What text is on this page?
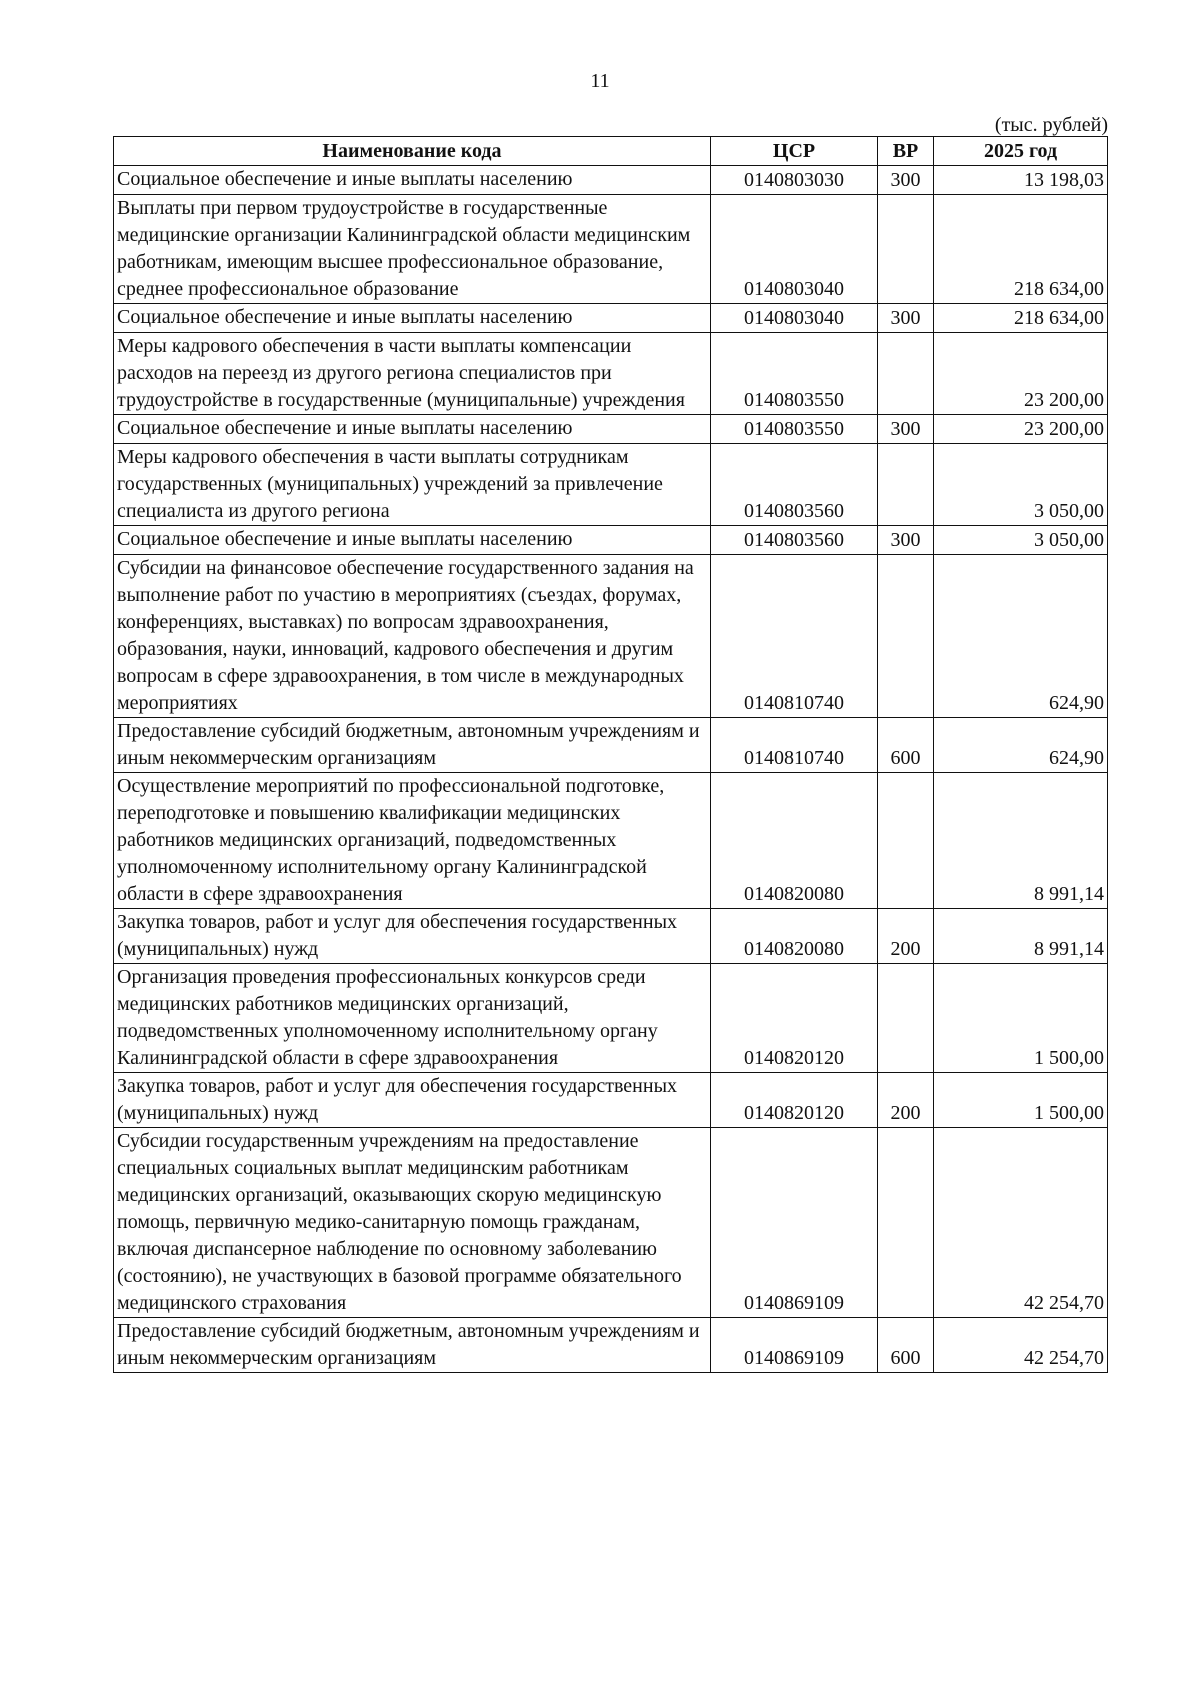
11
(тыс. рублей)
Наименование кода	ЦСР	ВР	2025 год
Социальное обеспечение и иные выплаты населению	0140803030	300	13 198,03
Выплаты при первом трудоустройстве в государственные медицинские организации Калининградской области медицинским работникам, имеющим высшее профессиональное образование, среднее профессиональное образование	0140803040		218 634,00
Социальное обеспечение и иные выплаты населению	0140803040	300	218 634,00
Меры кадрового обеспечения в части выплаты компенсации расходов на переезд из другого региона специалистов при трудоустройстве в государственные (муниципальные) учреждения	0140803550		23 200,00
Социальное обеспечение и иные выплаты населению	0140803550	300	23 200,00
Меры кадрового обеспечения в части выплаты сотрудникам государственных (муниципальных) учреждений за привлечение специалиста из другого региона	0140803560		3 050,00
Социальное обеспечение и иные выплаты населению	0140803560	300	3 050,00
Субсидии на финансовое обеспечение государственного задания на выполнение работ по участию в мероприятиях (съездах, форумах, конференциях, выставках) по вопросам здравоохранения, образования, науки, инноваций, кадрового обеспечения и другим вопросам в сфере здравоохранения, в том числе в международных мероприятиях	0140810740		624,90
Предоставление субсидий бюджетным, автономным учреждениям и иным некоммерческим организациям	0140810740	600	624,90
Осуществление мероприятий по профессиональной подготовке, переподготовке и повышению квалификации медицинских работников медицинских организаций, подведомственных уполномоченному исполнительному органу Калининградской области в сфере здравоохранения	0140820080		8 991,14
Закупка товаров, работ и услуг для обеспечения государственных (муниципальных) нужд	0140820080	200	8 991,14
Организация проведения профессиональных конкурсов среди медицинских работников медицинских организаций, подведомственных уполномоченному исполнительному органу Калининградской области в сфере здравоохранения	0140820120		1 500,00
Закупка товаров, работ и услуг для обеспечения государственных (муниципальных) нужд	0140820120	200	1 500,00
Субсидии государственным учреждениям на предоставление специальных социальных выплат медицинским работникам медицинских организаций, оказывающих скорую медицинскую помощь, первичную медико-санитарную помощь гражданам, включая диспансерное наблюдение по основному заболеванию (состоянию), не участвующих в базовой программе обязательного медицинского страхования	0140869109		42 254,70
Предоставление субсидий бюджетным, автономным учреждениям и иным некоммерческим организациям	0140869109	600	42 254,70
